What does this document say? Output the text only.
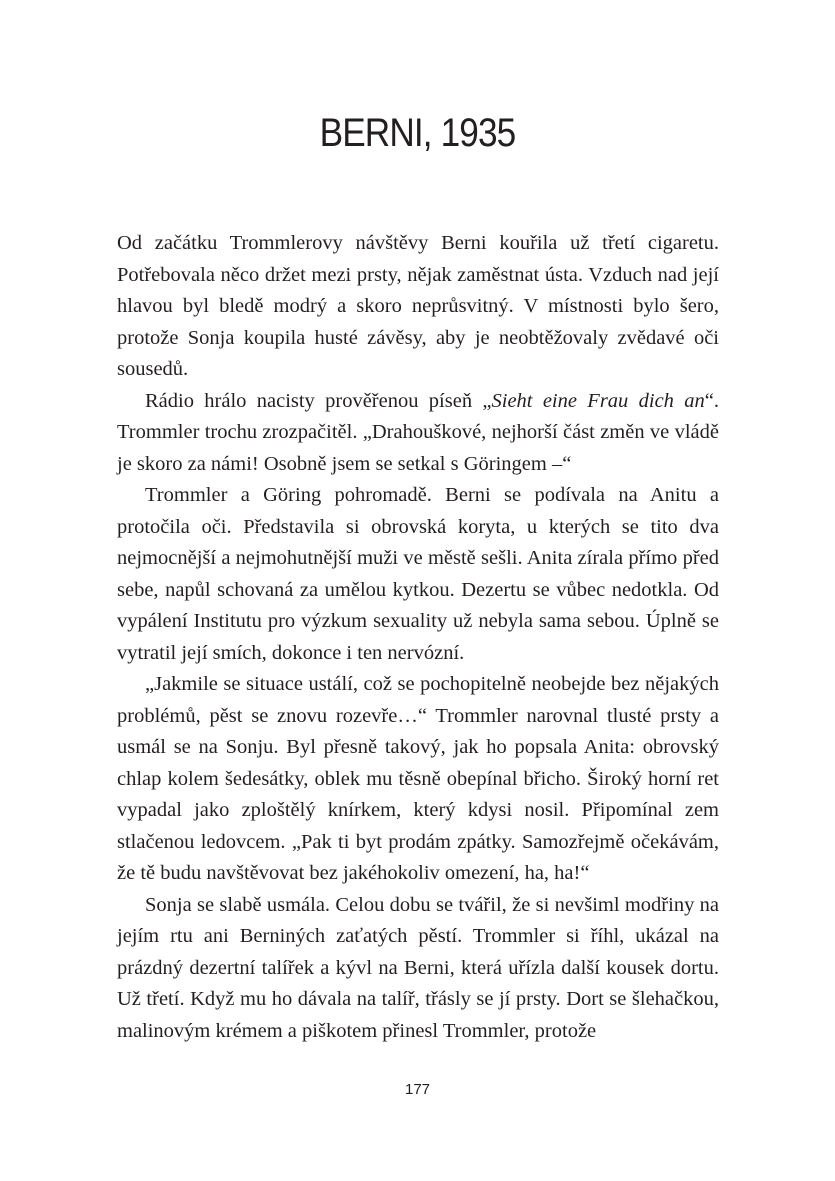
BERNI, 1935

Od začátku Trommlerovy návštěvy Berni kouřila už třetí cigaretu. Potřebovala něco držet mezi prsty, nějak zaměstnat ústa. Vzduch nad její hlavou byl bledě modrý a skoro neprůsvitný. V místnosti bylo šero, protože Sonja koupila husté závěsy, aby je neobtěžovaly zvědavé oči sousedů.

Rádio hrálo nacisty prověřenou píseň „Sieht eine Frau dich an“. Trommler trochu zrozpačitěl. „Drahouškové, nejhorší část změn ve vládě je skoro za námi! Osobně jsem se setkal s Göringem –“

Trommler a Göring pohromadě. Berni se podívala na Anitu a protočila oči. Představila si obrovská koryta, u kterých se tito dva nejmocnější a nejmohutnější muži ve městě sešli. Anita zírala přímo před sebe, napůl schovaná za umělou kytkou. Dezertu se vůbec nedotkla. Od vypálení Institutu pro výzkum sexuality už nebyla sama sebou. Úplně se vytratil její smích, dokonce i ten nervózní.

„Jakmile se situace ustálí, což se pochopitelně neobejde bez nějakých problémů, pěst se znovu rozevře…“ Trommler narovnal tlusté prsty a usmál se na Sonju. Byl přesně takový, jak ho popsala Anita: obrovský chlap kolem šedesátky, oblek mu těsně obepínal břicho. Široký horní ret vypadal jako zploštělý knírkem, který kdysi nosil. Připomínal zem stlačenou ledovcem. „Pak ti byt prodám zpátky. Samozřejmě očekávám, že tě budu navštěvovat bez jakéhokoliv omezení, ha, ha!“

Sonja se slabě usmála. Celou dobu se tvářil, že si nevšiml modřiny na jejím rtu ani Berniných zaťatých pěstí. Trommler si říhl, ukázal na prázdný dezertní talířek a kývl na Berni, která uřízla další kousek dortu. Už třetí. Když mu ho dávala na talíř, třásly se jí prsty. Dort se šlehačkou, malinovým krémem a piškotem přinesl Trommler, protože

177
